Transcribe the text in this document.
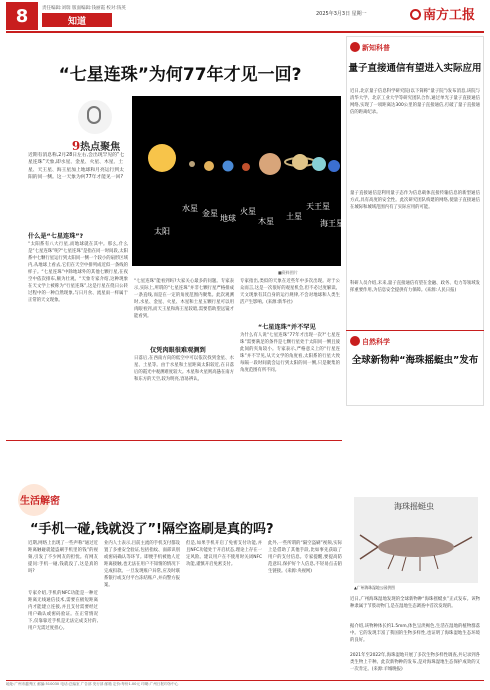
8	责任编辑:刘瑞 版面编辑:钱丽霞 校对:钱英
知道
2025年3月3日 星期一	南方工报
“七星连珠”为何77年才见一回?
9热点聚焦
近期有消息称,2月28日左右,会出现罕见的“七星连珠”天象,即水星、金星、火星、木星、土星、天王星、海王星加上地球和月亮运行到太阳的同一侧。这一天象为何77年才能见一回?
太阳
水星
金星
地球
火星
木星
土星
天王星
海王星
■资料图片
什么是“七星连珠”?
“太阳系有八大行星,而地球就在其中。那么,什么是“七星连珠”呢?“七星连珠”是指在同一时间段,太阳系中七颗行星运行到太阳同一侧一个较小的扇形区域内,从地球上看去,它们在天空中排列成近似一条线的样子。“七星连珠”中除地球外的其他七颗行星,在夜空中依次排布,颇为壮观。“天象专家介绍,这种现象在天文学上被称为“行星连珠”,这是行星在绕日公转过程中的一种自然现象,与日月食、流星雨一样属于正常的天文现象。
“七星连珠”能看到吗?大家关心最多的问题。专家表示,实际上,所谓的“七星连珠”并非七颗行星严格排成一条直线,而是在一定的角度范围内聚集。此次观测时,水星、金星、火星、木星和土星五颗行星可以用肉眼看到,而天王星和海王星较暗,需要借助望远镜才能看到。
仅凭肉眼很难观测到
日落后,在西南方向的低空中可以依次找到金星、水星、土星等。由于水星和土星距离太阳较近,在日落后的霞光中观测难度较大。木星和火星则高悬在南方和东方的天空,较为明亮,容易辨认。
专家指出,类似的天象在近些年中多次出现。对于公众而言,这是一次很好的观星机会,但不必过度解读。天文现象有其自身的运行规律,不会对地球和人类生活产生影响。(来源:新华社)
“七星连珠”并不罕见
为什么有人说“七星连珠”77年才出现一次?“七星连珠”需要满足的条件是七颗行星处于太阳同一侧且彼此间的夹角较小。专家表示,严格意义上的“行星连珠”并不罕见,从天文学的角度看,太阳系的行星大致每隔一段时间就会运行到太阳的同一侧,只是聚集的角度范围有所不同。
生活解密
“手机一碰,钱就没了”!隔空盗刷是真的吗?
近期,网络上出现了一些声称“通过近距离触碰就能盗刷手机里的钱”的视频,引发了不少网友的担忧。有网友提问:手机一碰,钱就没了,这是真的吗?
专家介绍,手机的NFC功能是一种近距离无线通信技术,需要在极短距离内才能建立连接,并且支付需要经过用户确认或密码验证。在正常情况下,仅靠靠近手机是无法完成支付的,用户无需过度担心。
业内人士表示,目前主流的手机支付都设置了多重安全验证,包括指纹、面部识别或密码确认等环节。即便手机被他人近距离接触,也无法在用户不知情的情况下完成扣款。一旦发现账户异常,应及时联系银行或支付平台冻结账户,并向警方报案。
但是,如果手机开启了免密支付功能,并且NFC功能处于开启状态,理论上存在一定风险。建议用户在不使用时关闭NFC功能,谨慎开启免密支付。
此外,一些所谓的“隔空盗刷”视频,实际上是借助了其他手段,比如事先获取了用户的支付信息。专家提醒,要提高防范意识,保护好个人信息,不轻易点击陌生链接。(来源:央视网)
新知科普
量子直接通信有望进入实际应用
近日,北京量子信息科学研究院(以下简称“量子院”)发布消息,该院与清华大学、北京工业大学等研究团队合作,通过单光子量子直接通信网络,实现了一项距离达300公里的量子直接通信,打破了量子直接通信的距离纪录。
量子直接通信是利用量子态作为信息载体直接传输信息的新型通信方式,具有高度的安全性。此次研究团队构建的网络,使量子直接通信在城际和城域范围内有了实际应用的可能。
科研人员介绍,未来,量子直接通信有望在金融、政务、电力等领域发挥重要作用,为信息安全提供有力保障。(来源:人民日报)
自然科学
全球新物种“海珠摇蜓虫”发布
海珠摇蜓虫
▲广州海珠湿地公园供图
近日,广州海珠湿地发现的全球新物种“海珠摇蜓虫”正式发布。该物种隶属于节肢动物门,是在湿地生态调查中首次发现的。
据介绍,该物种体长约1.5mm,体色呈淡褐色,生活在湿地的植物群落中。它的发现丰富了我国的生物多样性,也证明了海珠湿地生态环境的良好。
2021年至2022年,海珠湿地开展了多次生物多样性调查,共记录到各类生物上千种。此次新物种的发布,是对海珠湿地生态保护成效的又一次肯定。(来源:羊城晚报)
地址:广州市越秀区 邮编:510030 电话:总编室 广告部 发行部 邮箱 定价:每份1.00元 印刷:广州日报印务中心
